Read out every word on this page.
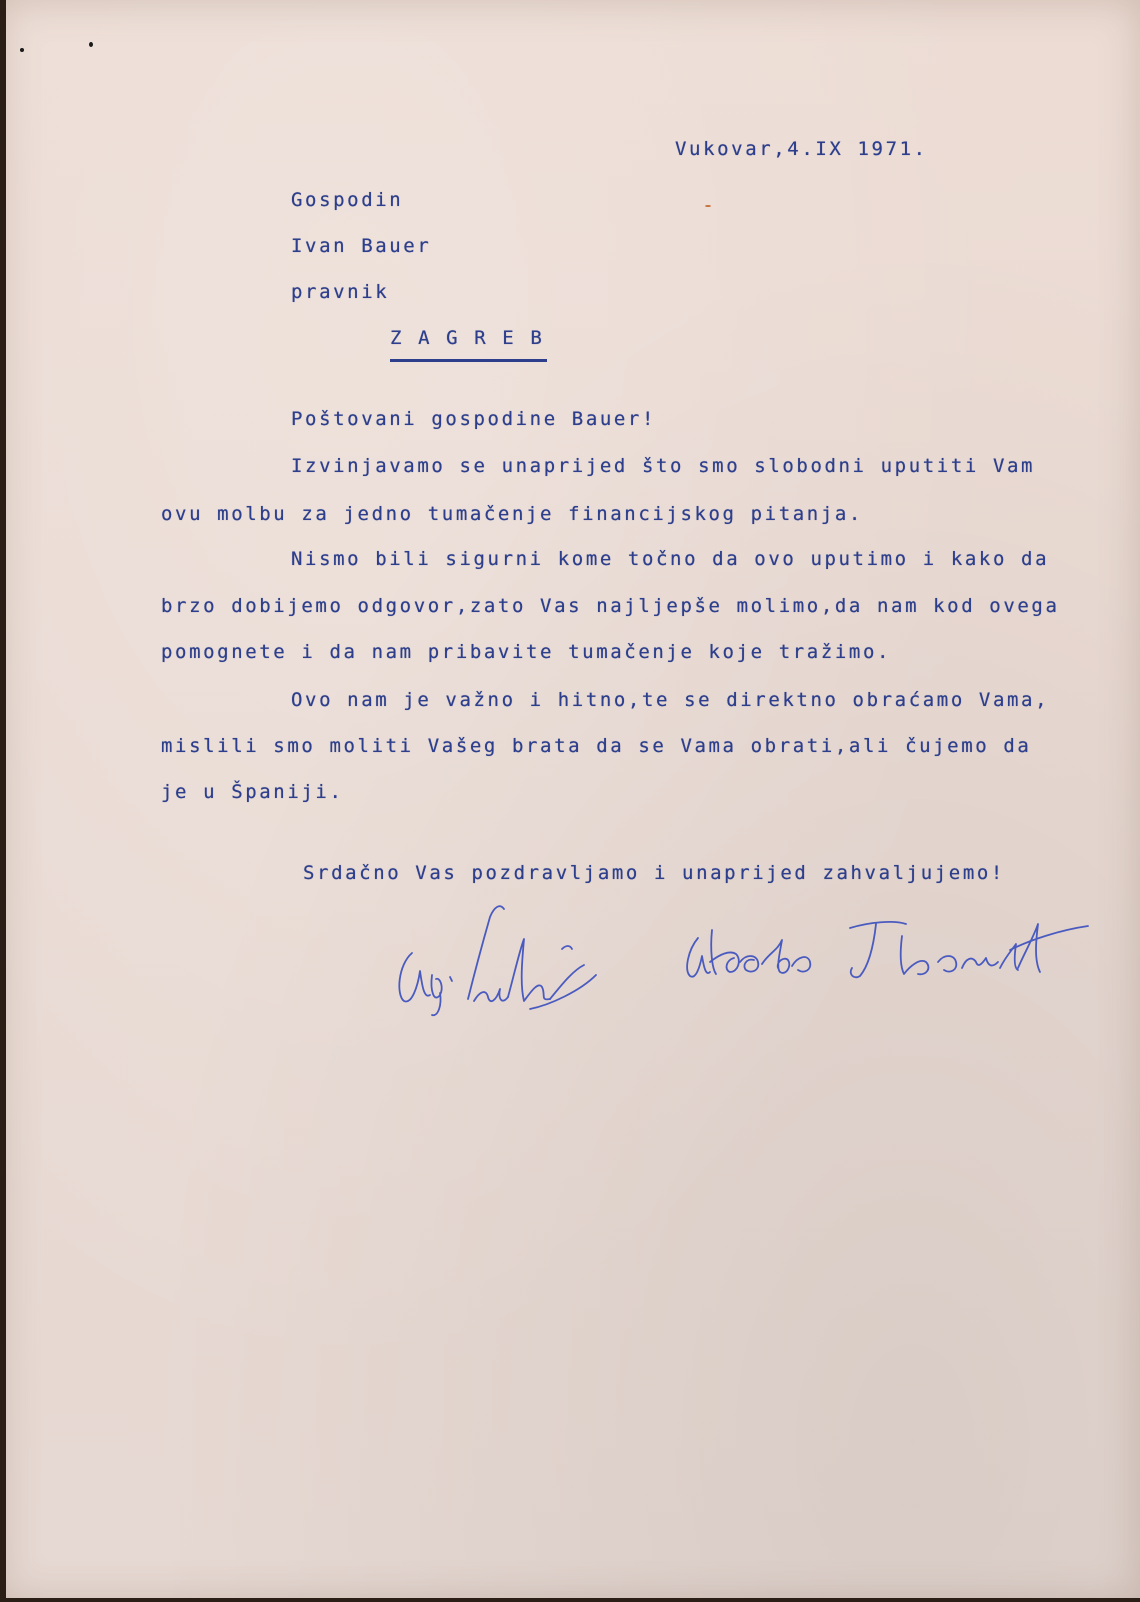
Vukovar,4.IX 1971.
Gospodin
Ivan Bauer
pravnik
Z A G R E B
Poštovani gospodine Bauer!
Izvinjavamo se unaprijed što smo slobodni uputiti Vam
ovu molbu za jedno tumačenje financijskog pitanja.
Nismo bili sigurni kome točno da ovo uputimo i kako da
brzo dobijemo odgovor,zato Vas najljepše molimo,da nam kod ovega
pomognete i da nam pribavite tumačenje koje tražimo.
Ovo nam je važno i hitno,te se direktno obraćamo Vama,
mislili smo moliti Vašeg brata da se Vama obrati,ali čujemo da
je u Španiji.
Srdačno Vas pozdravljamo i unaprijed zahvaljujemo!
